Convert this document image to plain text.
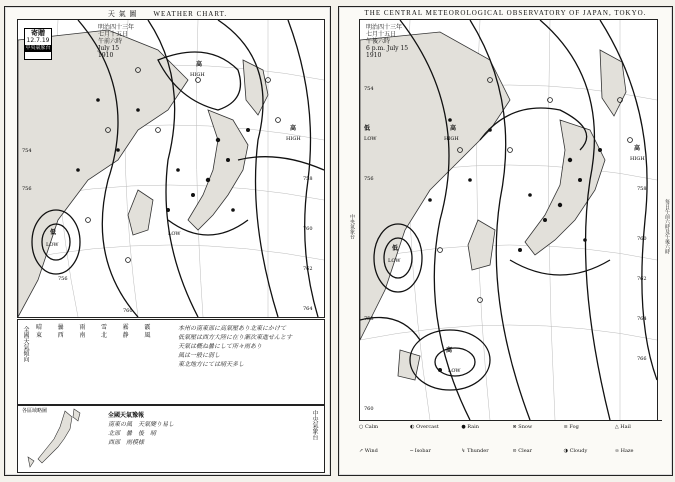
天 氣 圖　　WEATHER CHART.
高
HIGH
高
HIGH
低
LOW
LOW
754
756
758
760
762
764
756
760
寄贈
12.7.19
中央氣象台
明治四十三年
七月十五日
午前六時
July 15
1910
全國天氣傾向 晴	曇	雨	雪	霧	霰
東	西	南	北	静	風
本州の南東部に高氣壓あり北東にかけて
低氣壓は西方大陸に在り漸次東進せんとす
天氣は概ね曇にして所々雨あり
風は一般に弱し
東北地方にては晴天多し
各區域略圖
全國天氣豫報
南東の風　天氣變り易し
北部　曇　後　晴
西部　雨模様
中央氣象台
THE CENTRAL METEOROLOGICAL OBSERVATORY OF JAPAN, TOKYO.
中央氣象台
高
HIGH
高
HIGH
高
低
LOW
低
LOW
LOW
754
756
758
760
762
764
766
758
760
明治四十三年
七月十五日
午後六時
6 p.m. July 15
1910
每日午前六時及午後六時
○ Calm	◐ Overcast	● Rain	⊗ Snow	≡ Fog	△ Hail
↗ Wind	─ Isobar	↯ Thunder	⊙ Clear	◑ Cloudy	∞ Haze
